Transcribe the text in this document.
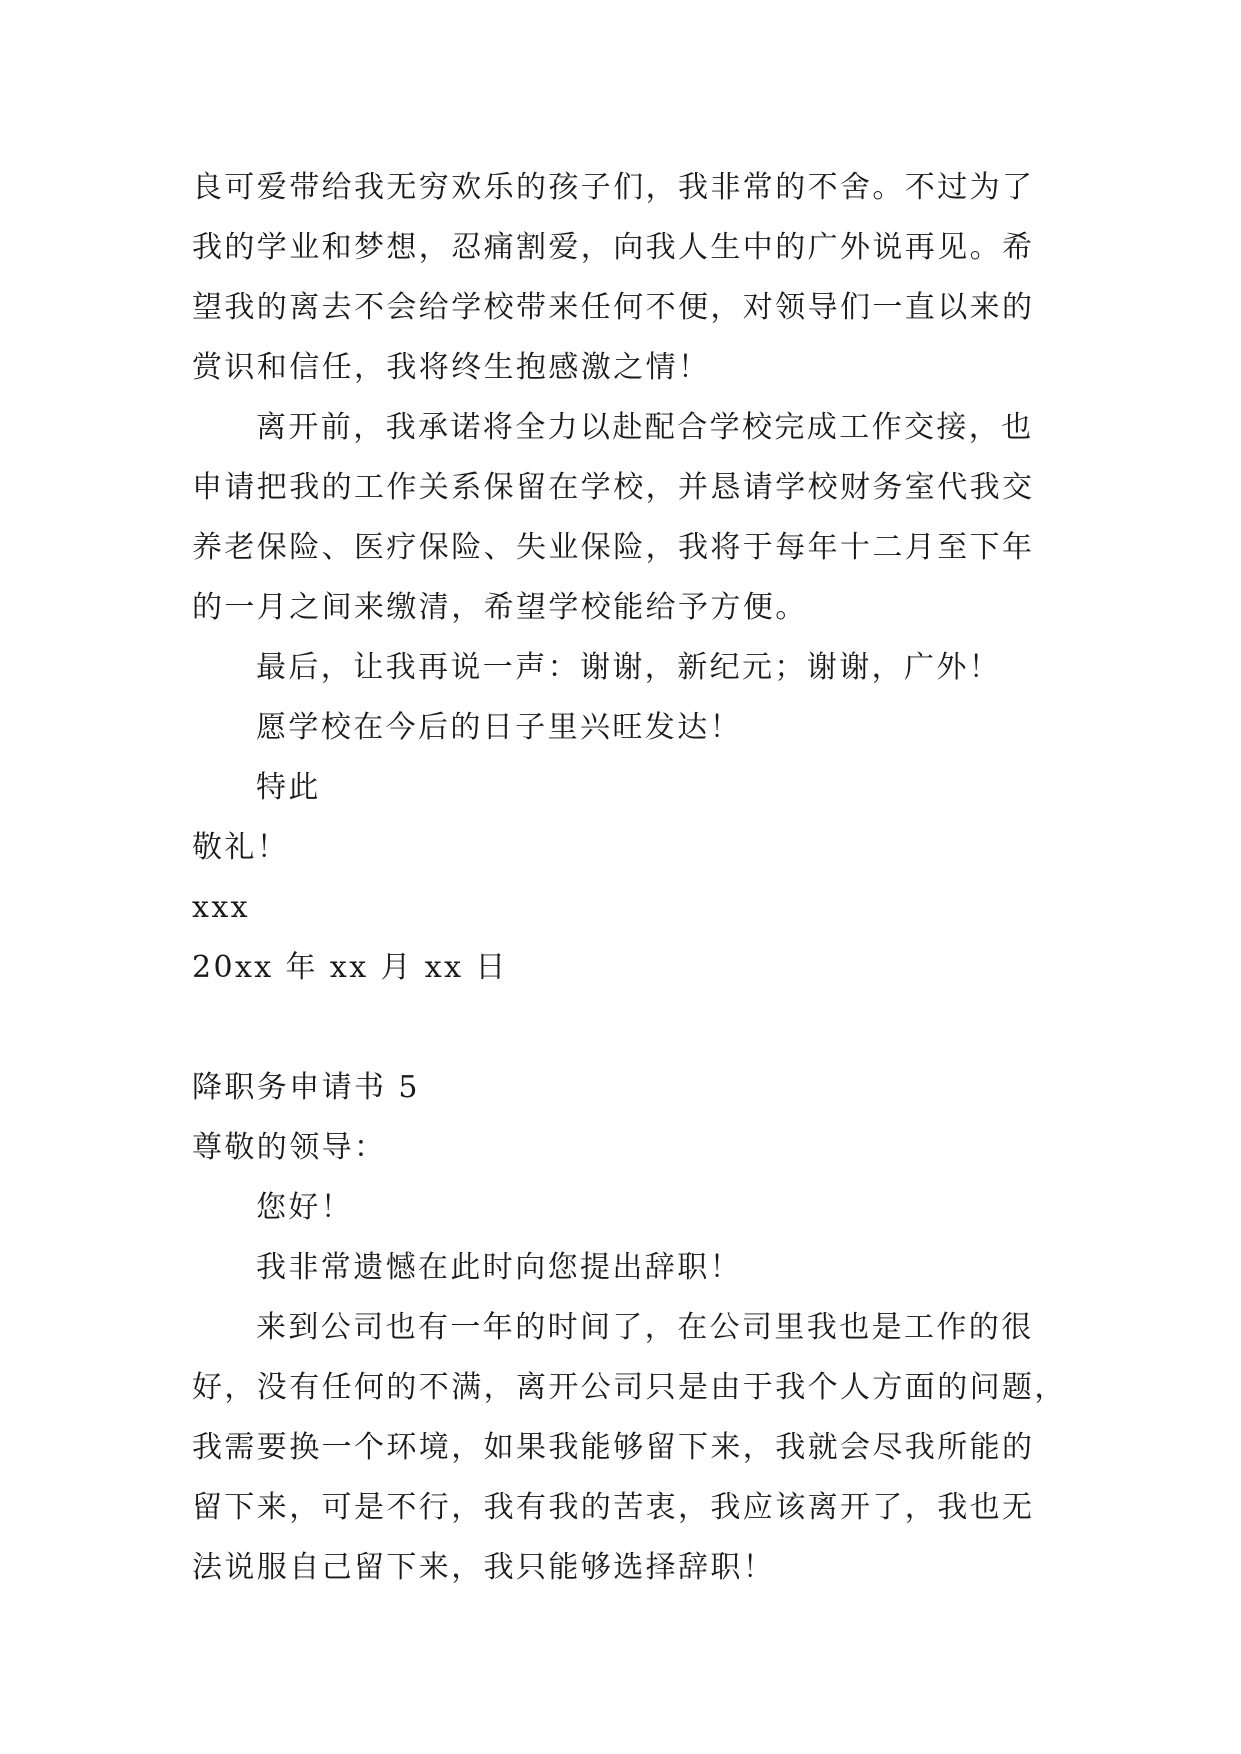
良可爱带给我无穷欢乐的孩子们，我非常的不舍。不过为了
我的学业和梦想，忍痛割爱，向我人生中的广外说再见。希
望我的离去不会给学校带来任何不便，对领导们一直以来的
赏识和信任，我将终生抱感激之情！
离开前，我承诺将全力以赴配合学校完成工作交接，也
申请把我的工作关系保留在学校，并恳请学校财务室代我交
养老保险、医疗保险、失业保险，我将于每年十二月至下年
的一月之间来缴清，希望学校能给予方便。
最后，让我再说一声：谢谢，新纪元；谢谢，广外！
愿学校在今后的日子里兴旺发达！
特此
敬礼！
xxx
20xx 年 xx 月 xx 日
降职务申请书 5
尊敬的领导：
您好！
我非常遗憾在此时向您提出辞职！
来到公司也有一年的时间了，在公司里我也是工作的很
好，没有任何的不满，离开公司只是由于我个人方面的问题，
我需要换一个环境，如果我能够留下来，我就会尽我所能的
留下来，可是不行，我有我的苦衷，我应该离开了，我也无
法说服自己留下来，我只能够选择辞职！
